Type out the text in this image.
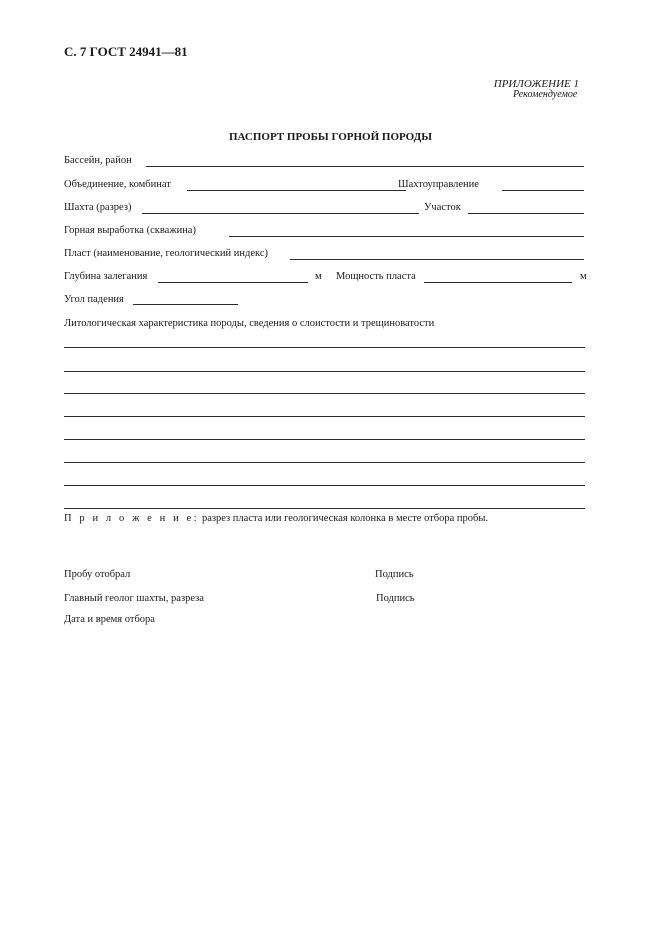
С. 7 ГОСТ 24941—81
ПРИЛОЖЕНИЕ 1
Рекомендуемое
ПАСПОРТ ПРОБЫ ГОРНОЙ ПОРОДЫ
Бассейн, район
Объединение, комбинат	Шахтоуправление
Шахта (разрез)	Участок
Горная выработка (скважина)
Пласт (наименование, геологический индекс)
Глубина залегания	м Мощность пласта	м
Угол падения
Литологическая характеристика породы, сведения о слоистости и трещиноватости
П р и л о ж е н и е: разрез пласта или геологическая колонка в месте отбора пробы.
Пробу отобрал	Подпись
Главный геолог шахты, разреза	Подпись
Дата и время отбора
